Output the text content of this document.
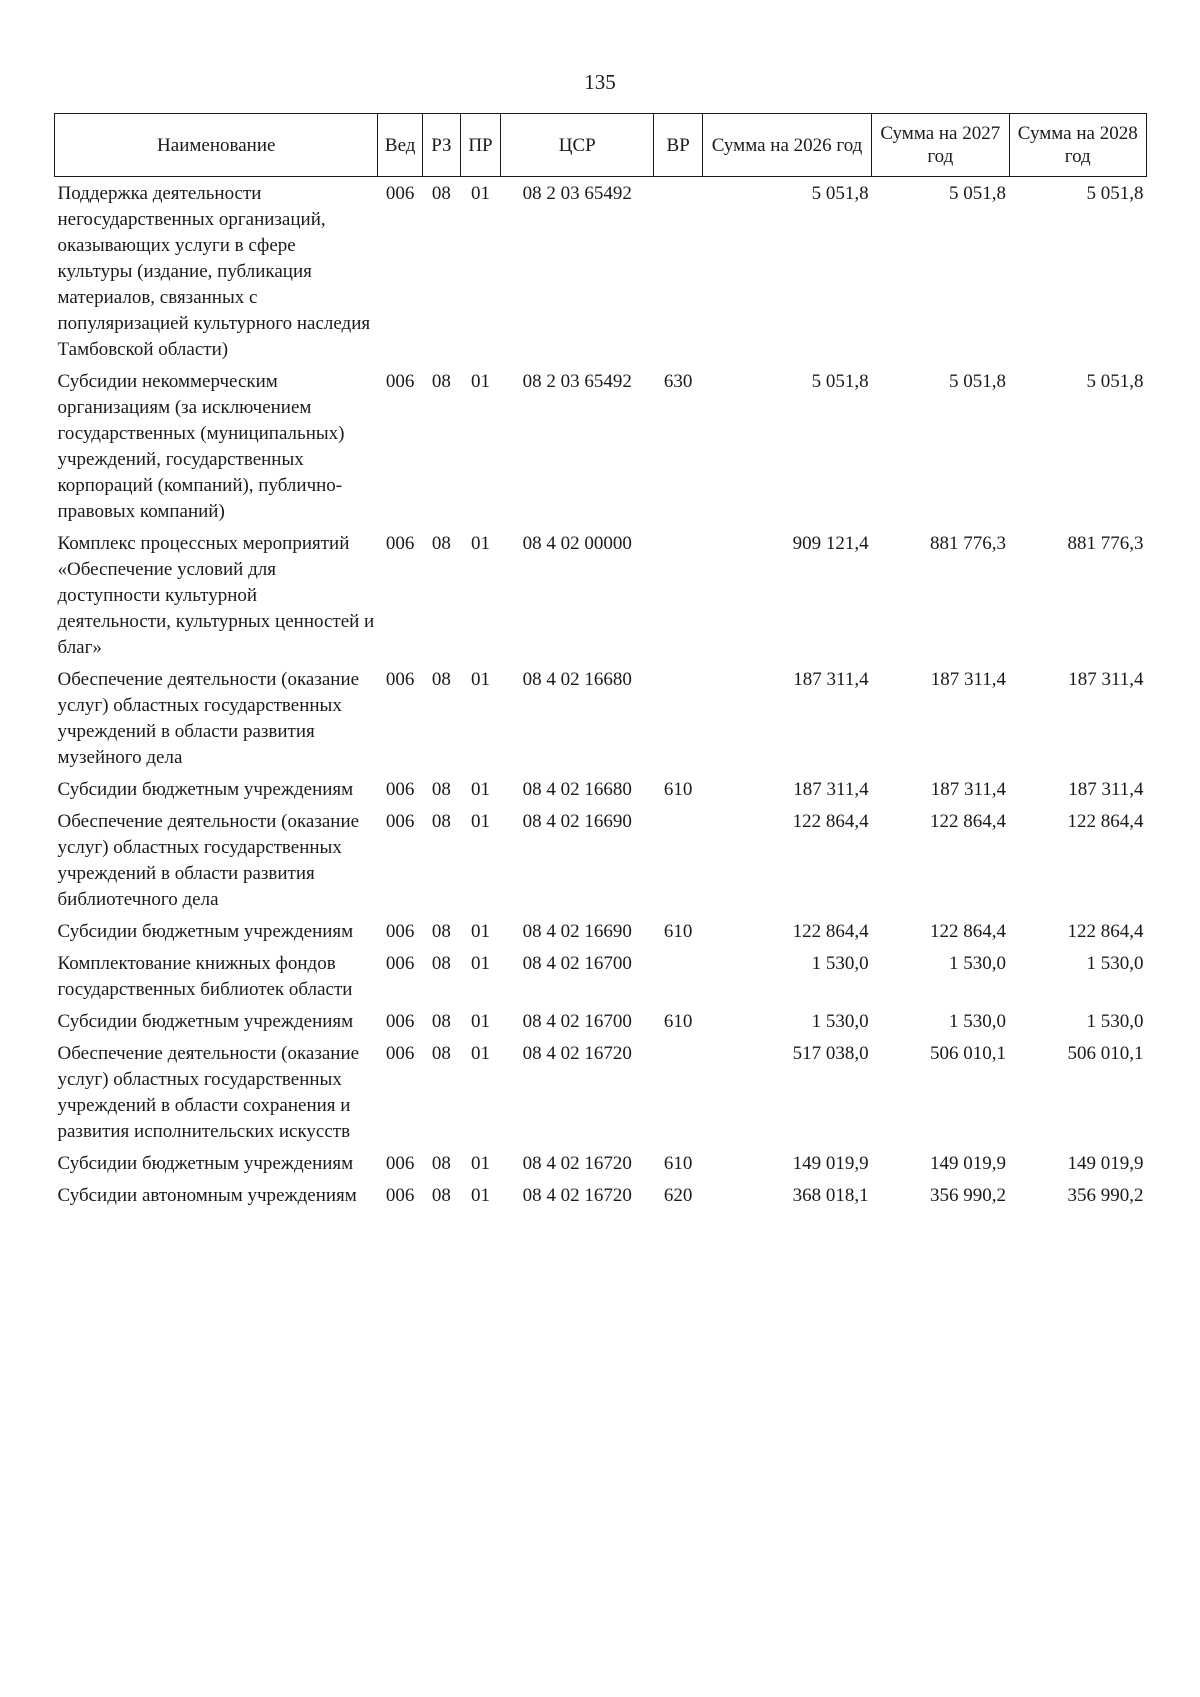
135
Наименование	Вед	РЗ	ПР	ЦСР	ВР	Сумма на 2026 год	Сумма на 2027 год	Сумма на 2028 год
Поддержка деятельности негосударственных организаций, оказывающих услуги в сфере культуры (издание, публикация материалов, связанных с популяризацией культурного наследия Тамбовской области)	006	08	01	08 2 03 65492		5 051,8	5 051,8	5 051,8
Субсидии некоммерческим организациям (за исключением государственных (муниципальных) учреждений, государственных корпораций (компаний), публично-правовых компаний)	006	08	01	08 2 03 65492	630	5 051,8	5 051,8	5 051,8
Комплекс процессных мероприятий «Обеспечение условий для доступности культурной деятельности, культурных ценностей и благ»	006	08	01	08 4 02 00000		909 121,4	881 776,3	881 776,3
Обеспечение деятельности (оказание услуг) областных государственных учреждений в области развития музейного дела	006	08	01	08 4 02 16680		187 311,4	187 311,4	187 311,4
Субсидии бюджетным учреждениям	006	08	01	08 4 02 16680	610	187 311,4	187 311,4	187 311,4
Обеспечение деятельности (оказание услуг) областных государственных учреждений в области развития библиотечного дела	006	08	01	08 4 02 16690		122 864,4	122 864,4	122 864,4
Субсидии бюджетным учреждениям	006	08	01	08 4 02 16690	610	122 864,4	122 864,4	122 864,4
Комплектование книжных фондов государственных библиотек области	006	08	01	08 4 02 16700		1 530,0	1 530,0	1 530,0
Субсидии бюджетным учреждениям	006	08	01	08 4 02 16700	610	1 530,0	1 530,0	1 530,0
Обеспечение деятельности (оказание услуг) областных государственных учреждений в области сохранения и развития исполнительских искусств	006	08	01	08 4 02 16720		517 038,0	506 010,1	506 010,1
Субсидии бюджетным учреждениям	006	08	01	08 4 02 16720	610	149 019,9	149 019,9	149 019,9
Субсидии автономным учреждениям	006	08	01	08 4 02 16720	620	368 018,1	356 990,2	356 990,2
